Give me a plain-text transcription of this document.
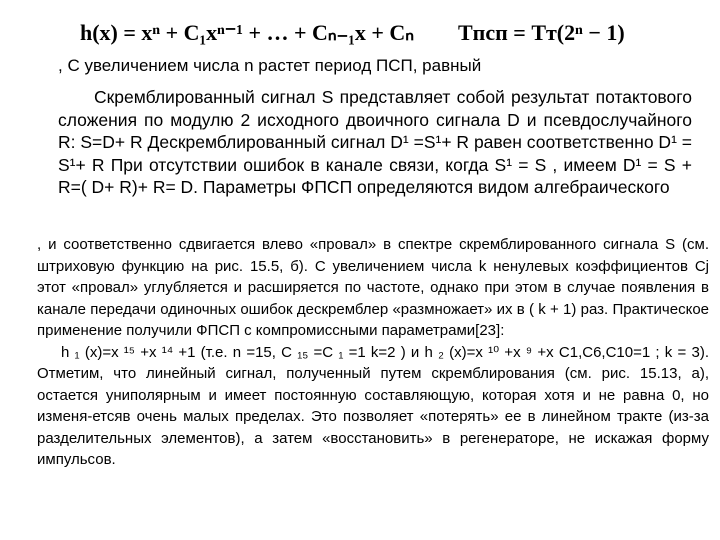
h(x) = xⁿ + C₁xⁿ⁻¹ + … + Cₙ₋₁x + Cₙ Tпсп = Tт(2ⁿ − 1)
, С увеличением числа n растет период ПСП, равный
Скремблированный сигнал S представляет собой результат потактового сложения по модулю 2 исходного двоичного сигнала D и псевдослучайного R: S=D+ R Дескремблированный сигнал D¹ =S¹+ R равен соответственно D¹ = S¹+ R При отсутствии ошибок в канале связи, когда S¹ = S , имеем D¹ = S + R=( D+ R)+ R= D. Параметры ФПСП определяются видом алгебраического

, и соответственно сдвигается влево «провал» в спектре скремблированного сигнала S (см. штриховую функцию на рис. 15.5, б). С увеличением числа k ненулевых коэффициентов Cj этот «провал» углубляется и расширяется по частоте, однако при этом в случае появления в канале передачи одиночных ошибок дескремблер «размножает» их в ( k + 1) раз. Практическое применение получили ФПСП с компромиссными параметрами[23]:

h ₁ (x)=x ¹⁵ +x ¹⁴ +1 (т.е. n =15, С ₁₅ =С ₁ =1 k=2 ) и h ₂ (x)=x ¹⁰ +x ⁹ +x С1,С6,С10=1 ; k = 3). Отметим, что линейный сигнал, полученный путем скремблирования (см. рис. 15.13, а), остается униполярным и имеет постоянную составляющую, которая хотя и не равна 0, но изменя-етсяв очень малых пределах. Это позволяет «потерять» ее в линейном тракте (из-за разделительных элементов), а затем «восстановить» в регенераторе, не искажая форму импульсов.
